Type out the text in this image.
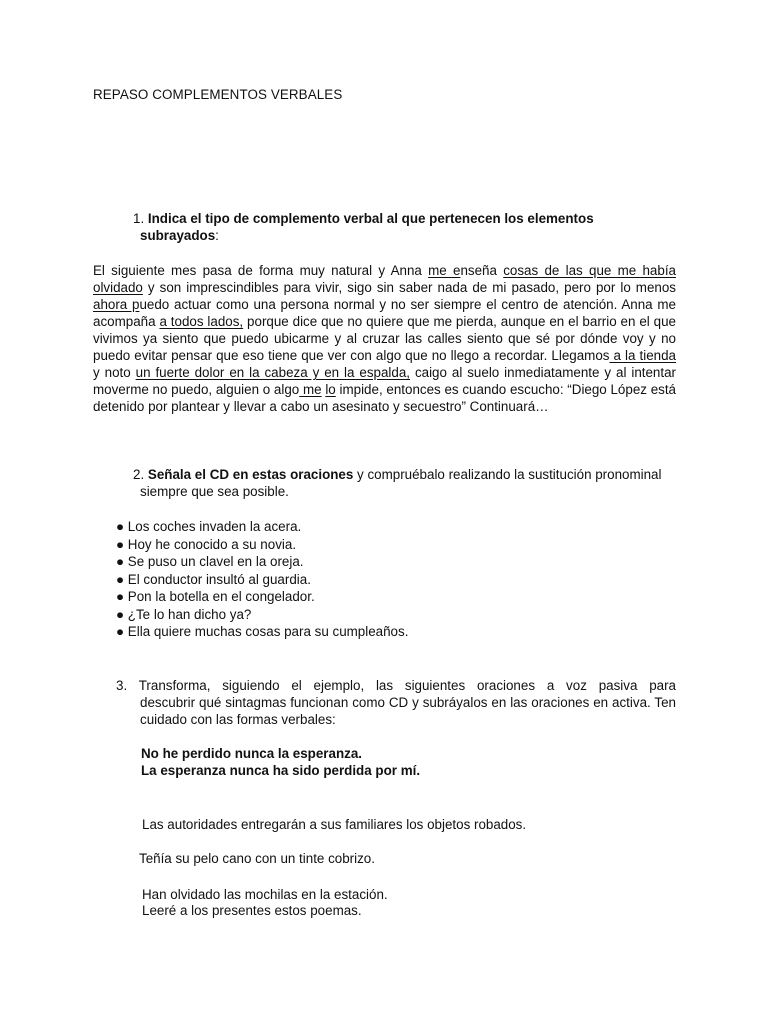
REPASO COMPLEMENTOS VERBALES
1. Indica el tipo de complemento verbal al que pertenecen los elementos
subrayados:
El siguiente mes pasa de forma muy natural y Anna me enseña cosas de las que me había olvidado y son imprescindibles para vivir, sigo sin saber nada de mi pasado, pero por lo menos ahora puedo actuar como una persona normal y no ser siempre el centro de atención. Anna me acompaña a todos lados, porque dice que no quiere que me pierda, aunque en el barrio en el que vivimos ya siento que puedo ubicarme y al cruzar las calles siento que sé por dónde voy y no puedo evitar pensar que eso tiene que ver con algo que no llego a recordar. Llegamos a la tienda y noto un fuerte dolor en la cabeza y en la espalda, caigo al suelo inmediatamente y al intentar moverme no puedo, alguien o algo me lo impide, entonces es cuando escucho: “Diego López está detenido por plantear y llevar a cabo un asesinato y secuestro” Continuará…
2. Señala el CD en estas oraciones y compruébalo realizando la sustitución pronominal
siempre que sea posible.
● Los coches invaden la acera.
● Hoy he conocido a su novia.
● Se puso un clavel en la oreja.
● El conductor insultó al guardia.
● Pon la botella en el congelador.
● ¿Te lo han dicho ya?
● Ella quiere muchas cosas para su cumpleaños.
3. Transforma, siguiendo el ejemplo, las siguientes oraciones a voz pasiva para
descubrir qué sintagmas funcionan como CD y subráyalos en las oraciones en activa. Ten cuidado con las formas verbales:
No he perdido nunca la esperanza.
La esperanza nunca ha sido perdida por mí.
Las autoridades entregarán a sus familiares los objetos robados.
Teñía su pelo cano con un tinte cobrizo.
Han olvidado las mochilas en la estación.
Leeré a los presentes estos poemas.
